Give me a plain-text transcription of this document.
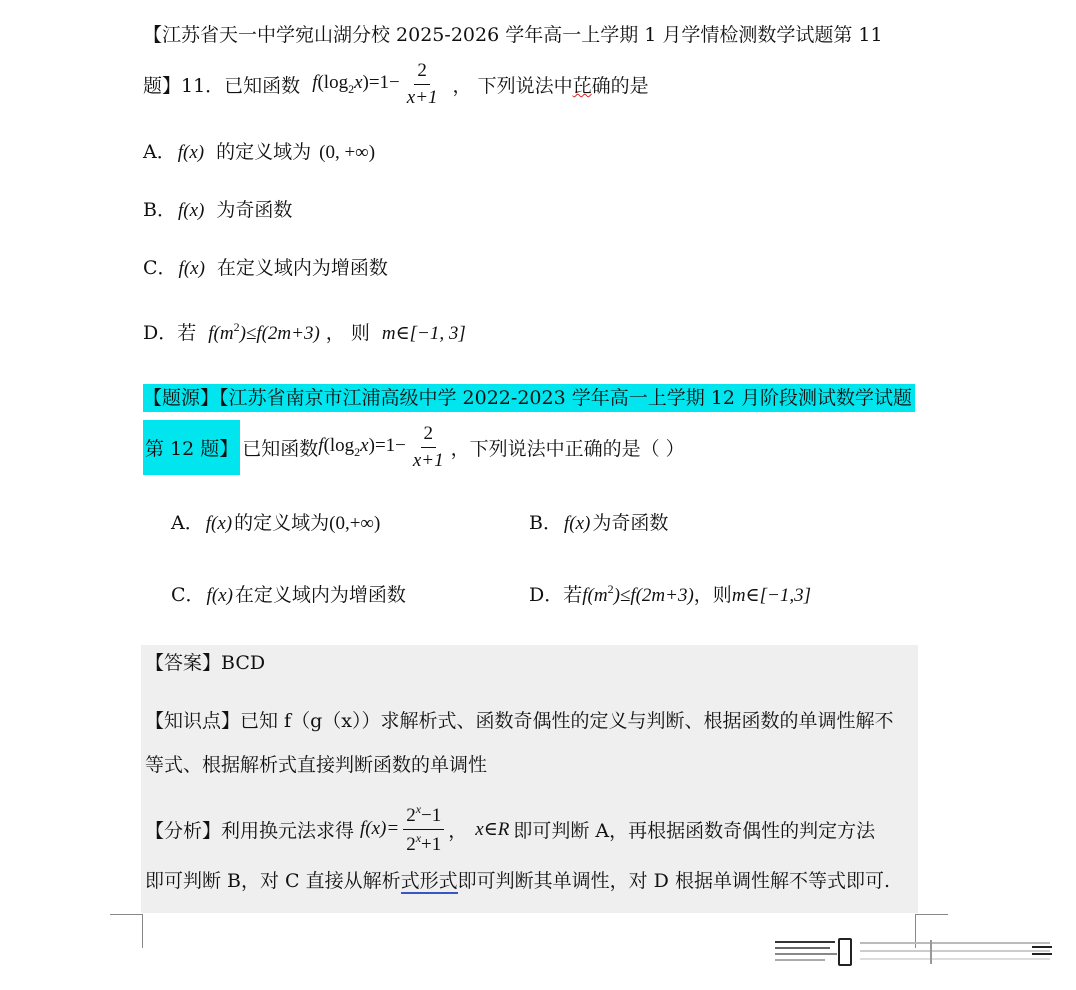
【江苏省天一中学宛山湖分校 2025-2026 学年高一上学期 1 月学情检测数学试题第 11
题】11．已知函数 $f(\log_2x)=1- \frac{2}{x+1}$ ， 下列说法中 芘 确的是
A． f(x) 的定义域为 (0, +∞)
B． f(x) 为奇函数
C． f(x) 在定义域内为增函数
D．若 $f(m^2)\le f(2m+3)$ ， 则 m∈[−1, 3]
【题源】【江苏省南京市江浦高级中学 2022-2023 学年高一上学期 12 月阶段测试数学试题
第 12 题】 已知函数 $f(\log_2x)=1- \frac{2}{x+1}$ ，下列说法中正确的是（ ）
A． f(x) 的定义域为(0,+∞)	B． f(x) 为奇函数
C． f(x) 在定义域内为增函数	D．若$f(m^2)\le f(2m+3)$，则m∈[−1,3]
【答案】BCD
【知识点】已知 f（g（x））求解析式、函数奇偶性的定义与判断、根据函数的单调性解不
等式、根据解析式直接判断函数的单调性
【分析】利用换元法求得 $f(x)= \frac{2^x-1}{2^x+1}$ ， x∈R 即可判断 A，再根据函数奇偶性的判定方法
即可判断 B，对 C 直接从解析式形式即可判断其单调性，对 D 根据单调性解不等式即可.
